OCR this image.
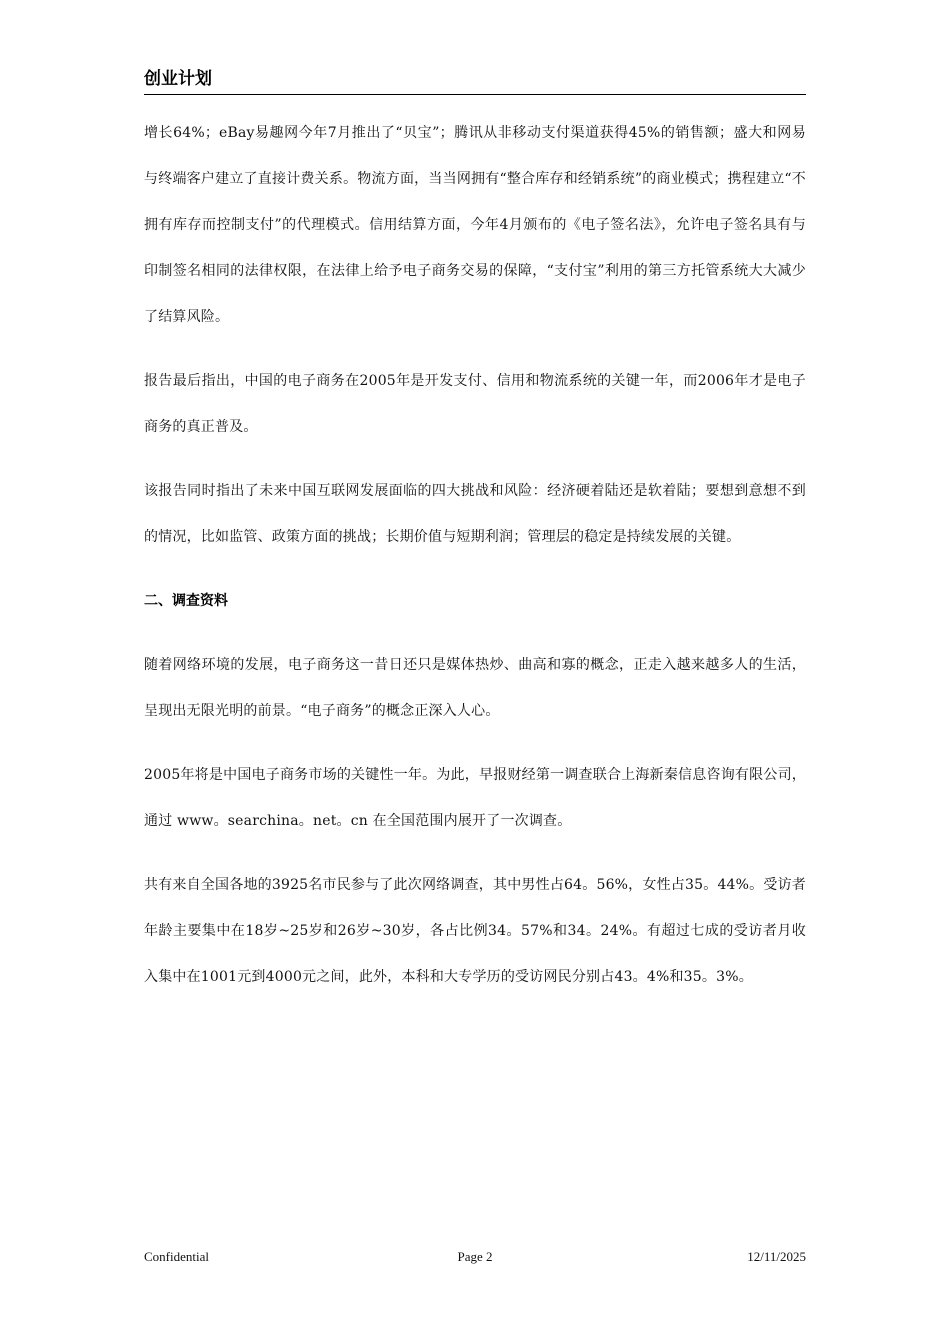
创业计划

增长64%；eBay易趣网今年7月推出了“贝宝”；腾讯从非移动支付渠道获得45%的销售额；盛大和网易与终端客户建立了直接计费关系。物流方面，当当网拥有“整合库存和经销系统”的商业模式；携程建立“不拥有库存而控制支付”的代理模式。信用结算方面，今年4月颁布的《电子签名法》，允许电子签名具有与印制签名相同的法律权限，在法律上给予电子商务交易的保障，“支付宝”利用的第三方托管系统大大减少了结算风险。

报告最后指出，中国的电子商务在2005年是开发支付、信用和物流系统的关键一年，而2006年才是电子商务的真正普及。

该报告同时指出了未来中国互联网发展面临的四大挑战和风险：经济硬着陆还是软着陆；要想到意想不到的情况，比如监管、政策方面的挑战；长期价值与短期利润；管理层的稳定是持续发展的关键。

二、调查资料

随着网络环境的发展，电子商务这一昔日还只是媒体热炒、曲高和寡的概念，正走入越来越多人的生活，呈现出无限光明的前景。“电子商务”的概念正深入人心。

2005年将是中国电子商务市场的关键性一年。为此，早报财经第一调查联合上海新秦信息咨询有限公司，通过 www。searchina。net。cn 在全国范围内展开了一次调查。

共有来自全国各地的3925名市民参与了此次网络调查，其中男性占64。56%，女性占35。44%。受访者年龄主要集中在18岁~25岁和26岁~30岁，各占比例34。57%和34。24%。有超过七成的受访者月收入集中在1001元到4000元之间，此外，本科和大专学历的受访网民分别占43。4%和35。3%。

Confidential	Page 2	12/11/2025
